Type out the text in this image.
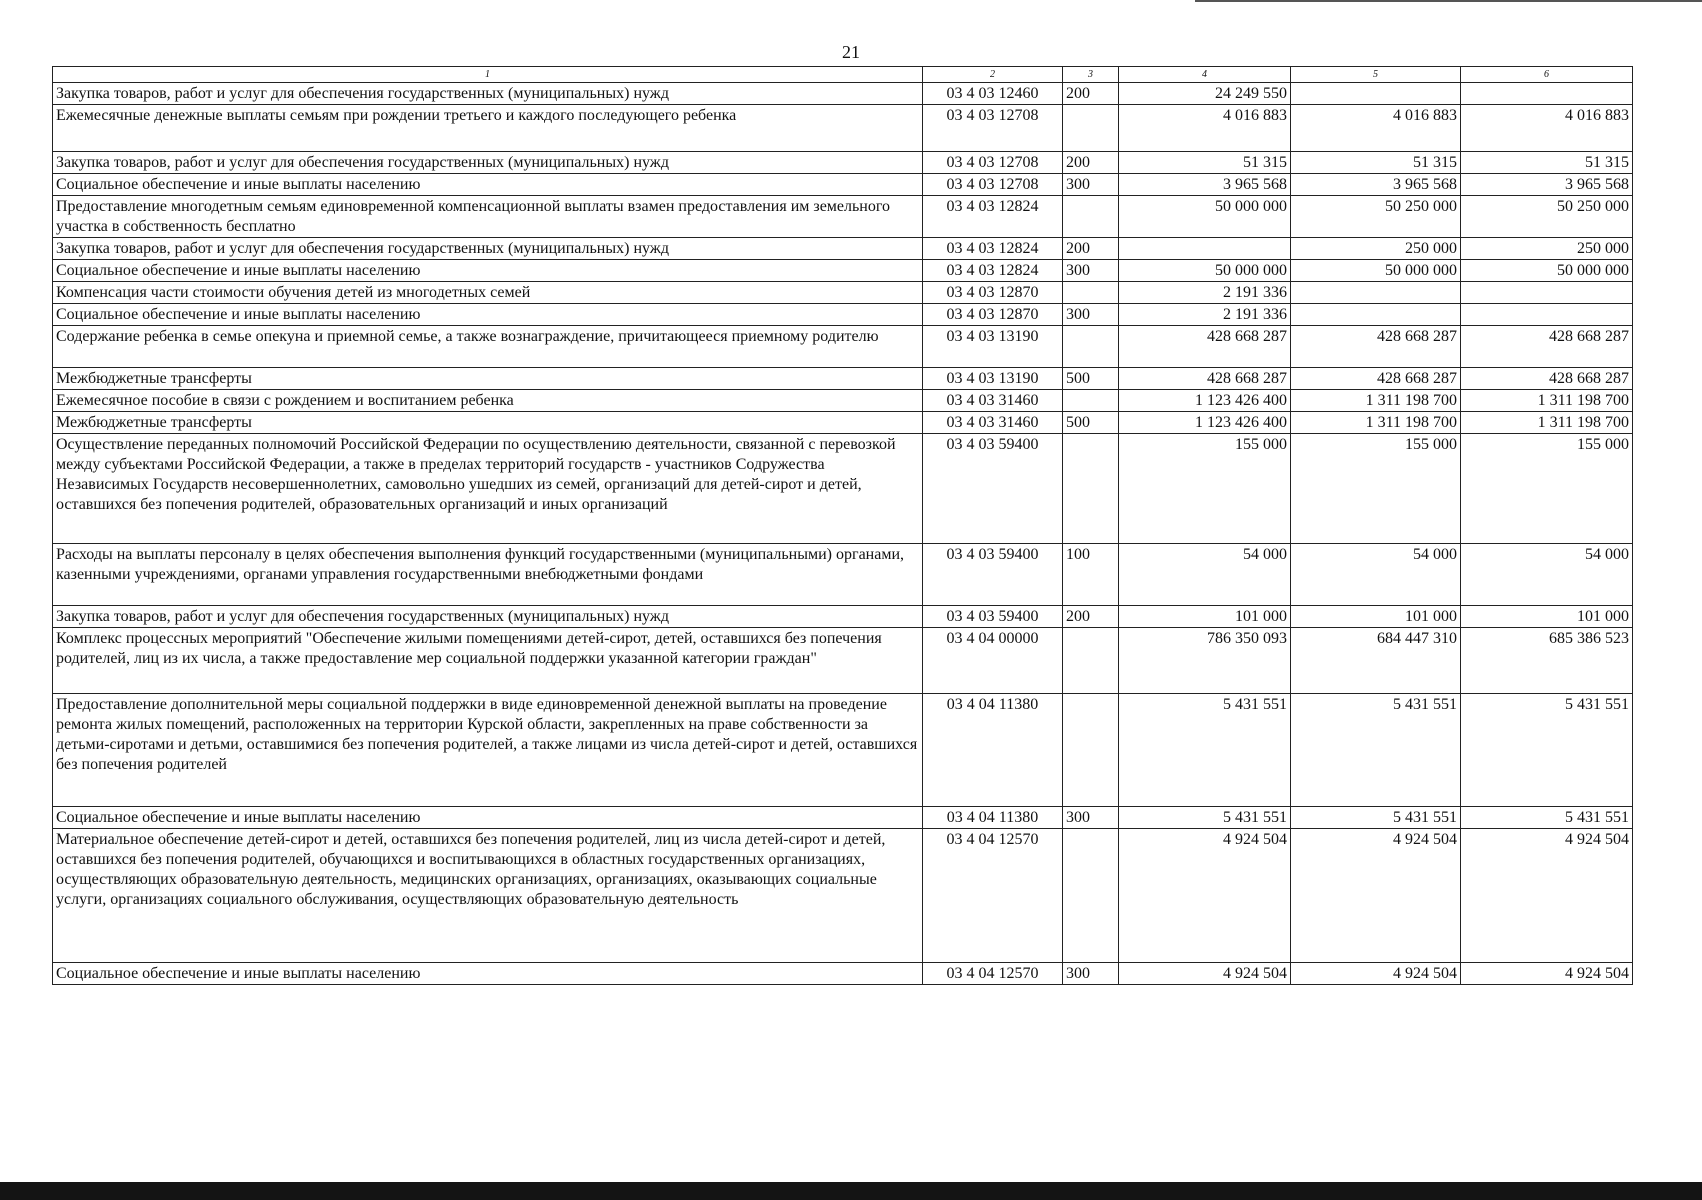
21
1	2	3	4	5	6
Закупка товаров, работ и услуг для обеспечения государственных (муниципальных) нужд	03 4 03 12460	200	24 249 550		
Ежемесячные денежные выплаты семьям при рождении третьего и каждого последующего ребенка	03 4 03 12708		4 016 883	4 016 883	4 016 883
Закупка товаров, работ и услуг для обеспечения государственных (муниципальных) нужд	03 4 03 12708	200	51 315	51 315	51 315
Социальное обеспечение и иные выплаты населению	03 4 03 12708	300	3 965 568	3 965 568	3 965 568
Предоставление многодетным семьям единовременной компенсационной выплаты взамен предоставления им земельного участка в собственность бесплатно	03 4 03 12824		50 000 000	50 250 000	50 250 000
Закупка товаров, работ и услуг для обеспечения государственных (муниципальных) нужд	03 4 03 12824	200		250 000	250 000
Социальное обеспечение и иные выплаты населению	03 4 03 12824	300	50 000 000	50 000 000	50 000 000
Компенсация части стоимости обучения детей из многодетных семей	03 4 03 12870		2 191 336		
Социальное обеспечение и иные выплаты населению	03 4 03 12870	300	2 191 336		
Содержание ребенка в семье опекуна и приемной семье, а также вознаграждение, причитающееся приемному родителю	03 4 03 13190		428 668 287	428 668 287	428 668 287
Межбюджетные трансферты	03 4 03 13190	500	428 668 287	428 668 287	428 668 287
Ежемесячное пособие в связи с рождением и воспитанием ребенка	03 4 03 31460		1 123 426 400	1 311 198 700	1 311 198 700
Межбюджетные трансферты	03 4 03 31460	500	1 123 426 400	1 311 198 700	1 311 198 700
Осуществление переданных полномочий Российской Федерации по осуществлению деятельности, связанной с перевозкой между субъектами Российской Федерации, а также в пределах территорий государств - участников Содружества Независимых Государств несовершеннолетних, самовольно ушедших из семей, организаций для детей-сирот и детей, оставшихся без попечения родителей, образовательных организаций и иных организаций	03 4 03 59400		155 000	155 000	155 000
Расходы на выплаты персоналу в целях обеспечения выполнения функций государственными (муниципальными) органами, казенными учреждениями, органами управления государственными внебюджетными фондами	03 4 03 59400	100	54 000	54 000	54 000
Закупка товаров, работ и услуг для обеспечения государственных (муниципальных) нужд	03 4 03 59400	200	101 000	101 000	101 000
Комплекс процессных мероприятий "Обеспечение жилыми помещениями детей-сирот, детей, оставшихся без попечения родителей, лиц из их числа, а также предоставление мер социальной поддержки указанной категории граждан"	03 4 04 00000		786 350 093	684 447 310	685 386 523
Предоставление дополнительной меры социальной поддержки в виде единовременной денежной выплаты на проведение ремонта жилых помещений, расположенных на территории Курской области, закрепленных на праве собственности за детьми-сиротами и детьми, оставшимися без попечения родителей, а также лицами из числа детей-сирот и детей, оставшихся без попечения родителей	03 4 04 11380		5 431 551	5 431 551	5 431 551
Социальное обеспечение и иные выплаты населению	03 4 04 11380	300	5 431 551	5 431 551	5 431 551
Материальное обеспечение детей-сирот и детей, оставшихся без попечения родителей, лиц из числа детей-сирот и детей, оставшихся без попечения родителей, обучающихся и воспитывающихся в областных государственных организациях, осуществляющих образовательную деятельность, медицинских организациях, организациях, оказывающих социальные услуги, организациях социального обслуживания, осуществляющих образовательную деятельность	03 4 04 12570		4 924 504	4 924 504	4 924 504
Социальное обеспечение и иные выплаты населению	03 4 04 12570	300	4 924 504	4 924 504	4 924 504
